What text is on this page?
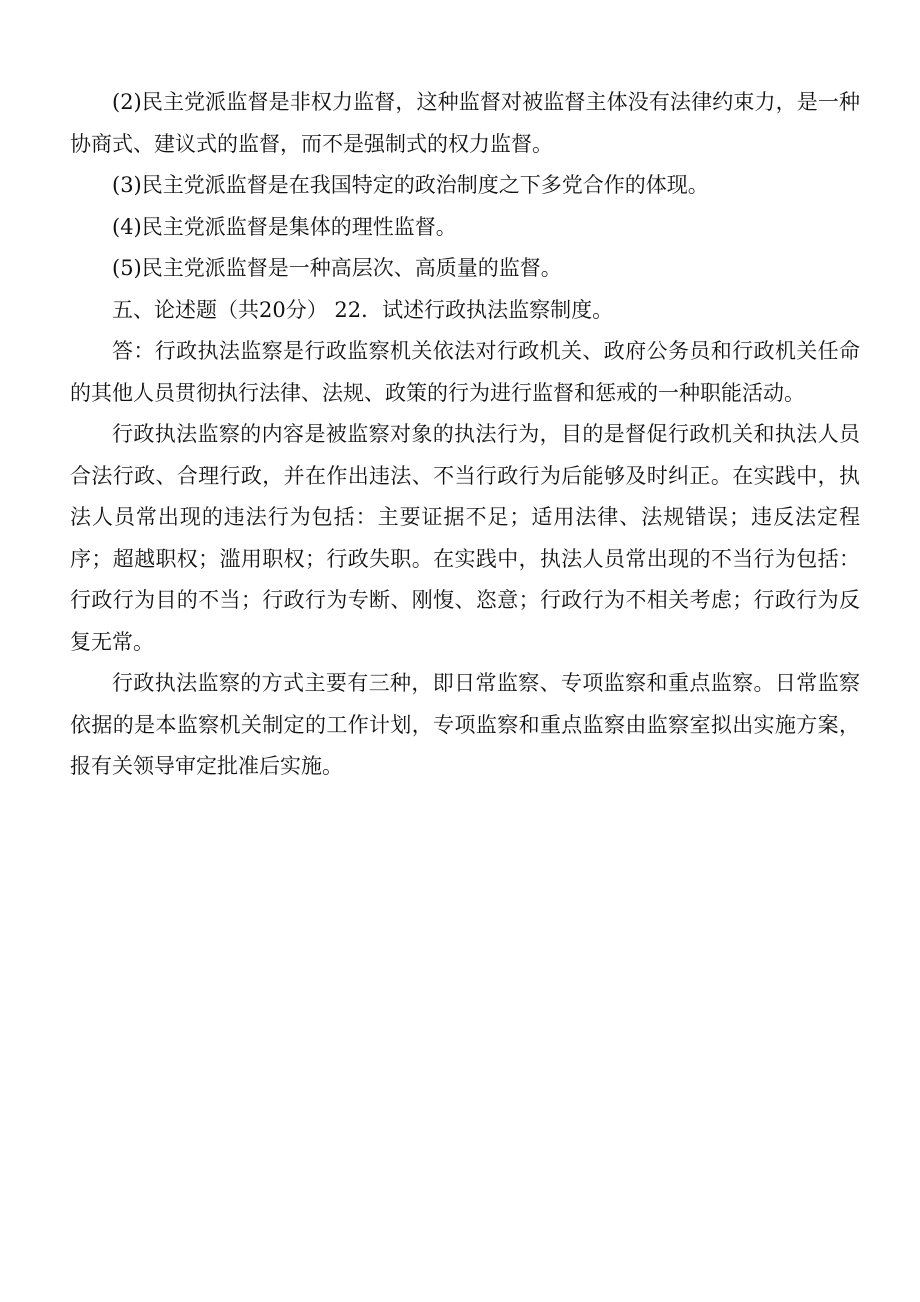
(2)民主党派监督是非权力监督，这种监督对被监督主体没有法律约束力，是一种协商式、建议式的监督，而不是强制式的权力监督。

(3)民主党派监督是在我国特定的政治制度之下多党合作的体现。

(4)民主党派监督是集体的理性监督。

(5)民主党派监督是一种高层次、高质量的监督。

五、论述题（共20分） 22．试述行政执法监察制度。

答：行政执法监察是行政监察机关依法对行政机关、政府公务员和行政机关任命的其他人员贯彻执行法律、法规、政策的行为进行监督和惩戒的一种职能活动。

行政执法监察的内容是被监察对象的执法行为，目的是督促行政机关和执法人员合法行政、合理行政，并在作出违法、不当行政行为后能够及时纠正。在实践中，执法人员常出现的违法行为包括：主要证据不足；适用法律、法规错误；违反法定程序；超越职权；滥用职权；行政失职。在实践中，执法人员常出现的不当行为包括：行政行为目的不当；行政行为专断、刚愎、恣意；行政行为不相关考虑；行政行为反复无常。

行政执法监察的方式主要有三种，即日常监察、专项监察和重点监察。日常监察依据的是本监察机关制定的工作计划，专项监察和重点监察由监察室拟出实施方案，报有关领导审定批准后实施。
